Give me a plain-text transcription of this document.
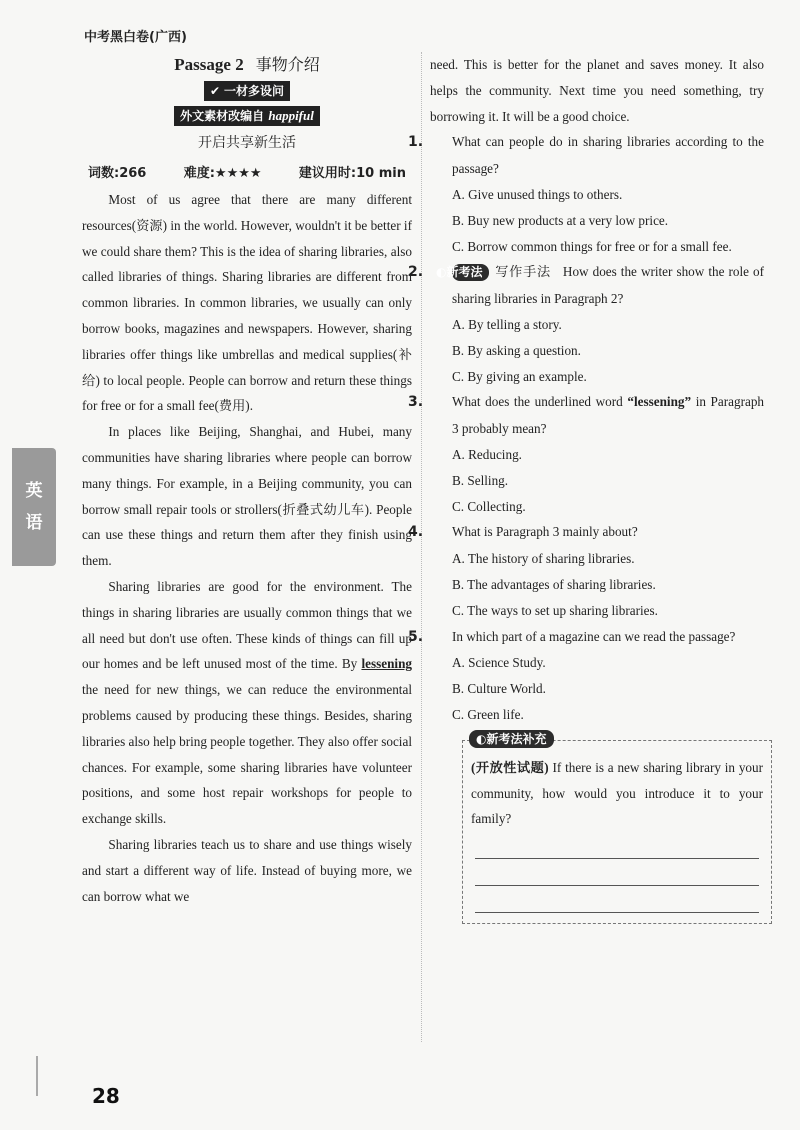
中考黑白卷(广西)
英
语
Passage 2 事物介绍
✔ 一材多设问
外文素材改编自 happiful
开启共享新生活
词数:266	难度:★★★★	建议用时:10 min

Most of us agree that there are many different resources(资源) in the world. However, wouldn't it be better if we could share them? This is the idea of sharing libraries, also called libraries of things. Sharing libraries are different from common libraries. In common libraries, we usually can only borrow books, magazines and newspapers. However, sharing libraries offer things like umbrellas and medical supplies(补给) to local people. People can borrow and return these things for free or for a small fee(费用).

In places like Beijing, Shanghai, and Hubei, many communities have sharing libraries where people can borrow many things. For example, in a Beijing community, you can borrow small repair tools or strollers(折叠式幼儿车). People can use these things and return them after they finish using them.

Sharing libraries are good for the environment. The things in sharing libraries are usually common things that we all need but don't use often. These kinds of things can fill up our homes and be left unused most of the time. By lessening the need for new things, we can reduce the environmental problems caused by producing these things. Besides, sharing libraries also help bring people together. They also offer social chances. For example, some sharing libraries have volunteer positions, and some host repair workshops for people to exchange skills.

Sharing libraries teach us to share and use things wisely and start a different way of life. Instead of buying more, we can borrow what we

need. This is better for the planet and saves money. It also helps the community. Next time you need something, try borrowing it. It will be a good choice.

1. What can people do in sharing libraries according to the passage?

A. Give unused things to others.

B. Buy new products at a very low price.

C. Borrow common things for free or for a small fee.

2. ◐新考法 写作手法 How does the writer show the role of sharing libraries in Paragraph 2?

A. By telling a story.

B. By asking a question.

C. By giving an example.

3. What does the underlined word “lessening” in Paragraph 3 probably mean?

A. Reducing.

B. Selling.

C. Collecting.

4. What is Paragraph 3 mainly about?

A. The history of sharing libraries.

B. The advantages of sharing libraries.

C. The ways to set up sharing libraries.

5. In which part of a magazine can we read the passage?

A. Science Study.

B. Culture World.

C. Green life.

◐新考法补充

(开放性试题) If there is a new sharing library in your community, how would you introduce it to your family?

28
